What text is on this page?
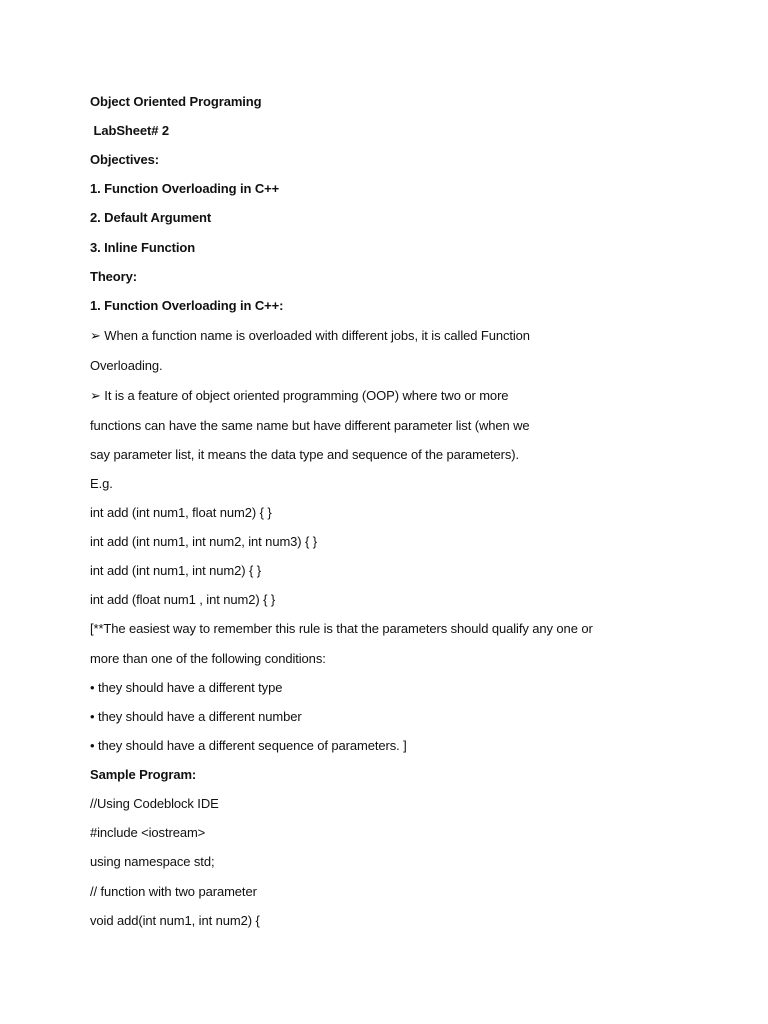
Object Oriented Programing
LabSheet# 2
Objectives:
1. Function Overloading in C++
2. Default Argument
3. Inline Function
Theory:
1. Function Overloading in C++:
➢ When a function name is overloaded with different jobs, it is called Function
Overloading.
➢ It is a feature of object oriented programming (OOP) where two or more
functions can have the same name but have different parameter list (when we
say parameter list, it means the data type and sequence of the parameters).
E.g.
int add (int num1, float num2) { }
int add (int num1, int num2, int num3) { }
int add (int num1, int num2) { }
int add (float num1 , int num2) { }
[**The easiest way to remember this rule is that the parameters should qualify any one or
more than one of the following conditions:
• they should have a different type
• they should have a different number
• they should have a different sequence of parameters. ]
Sample Program:
//Using Codeblock IDE
#include <iostream>
using namespace std;
// function with two parameter
void add(int num1, int num2) {
